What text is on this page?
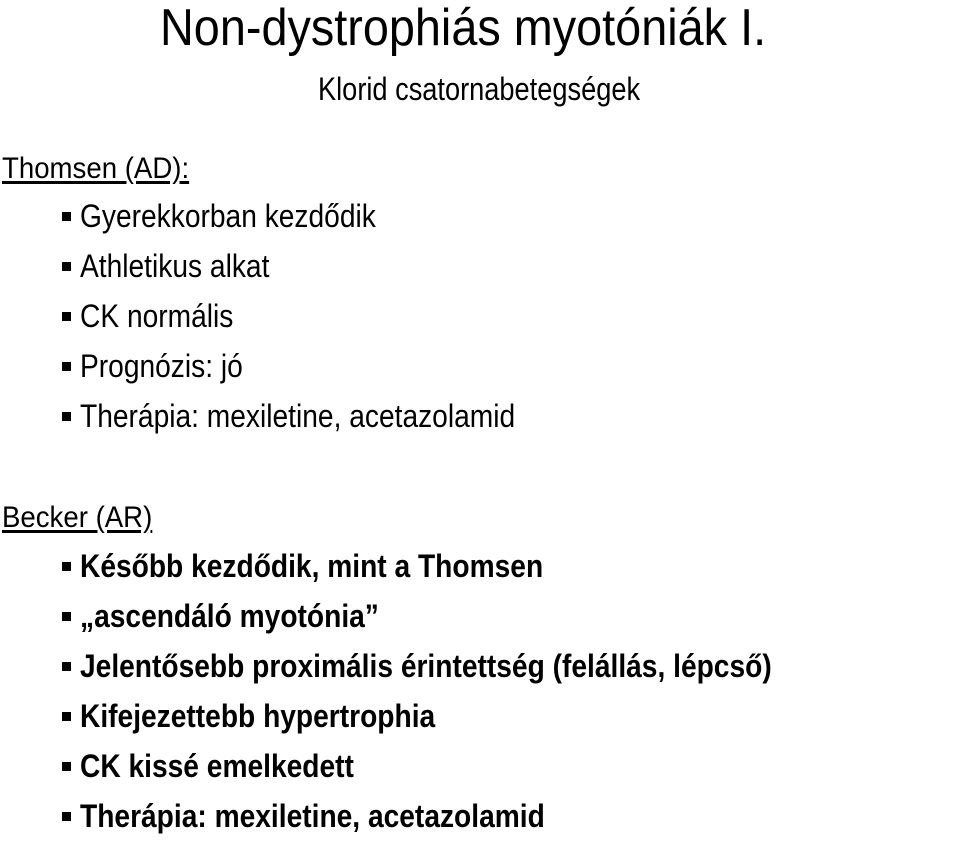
Non-dystrophiás myotóniák I.
Klorid csatornabetegségek
Thomsen (AD):
Gyerekkorban kezdődik
Athletikus alkat
CK normális
Prognózis: jó
Therápia: mexiletine, acetazolamid
Becker (AR)
Később kezdődik, mint a Thomsen
„ascendáló myotónia”
Jelentősebb proximális érintettség (felállás, lépcső)
Kifejezettebb hypertrophia
CK kissé emelkedett
Therápia: mexiletine, acetazolamid
